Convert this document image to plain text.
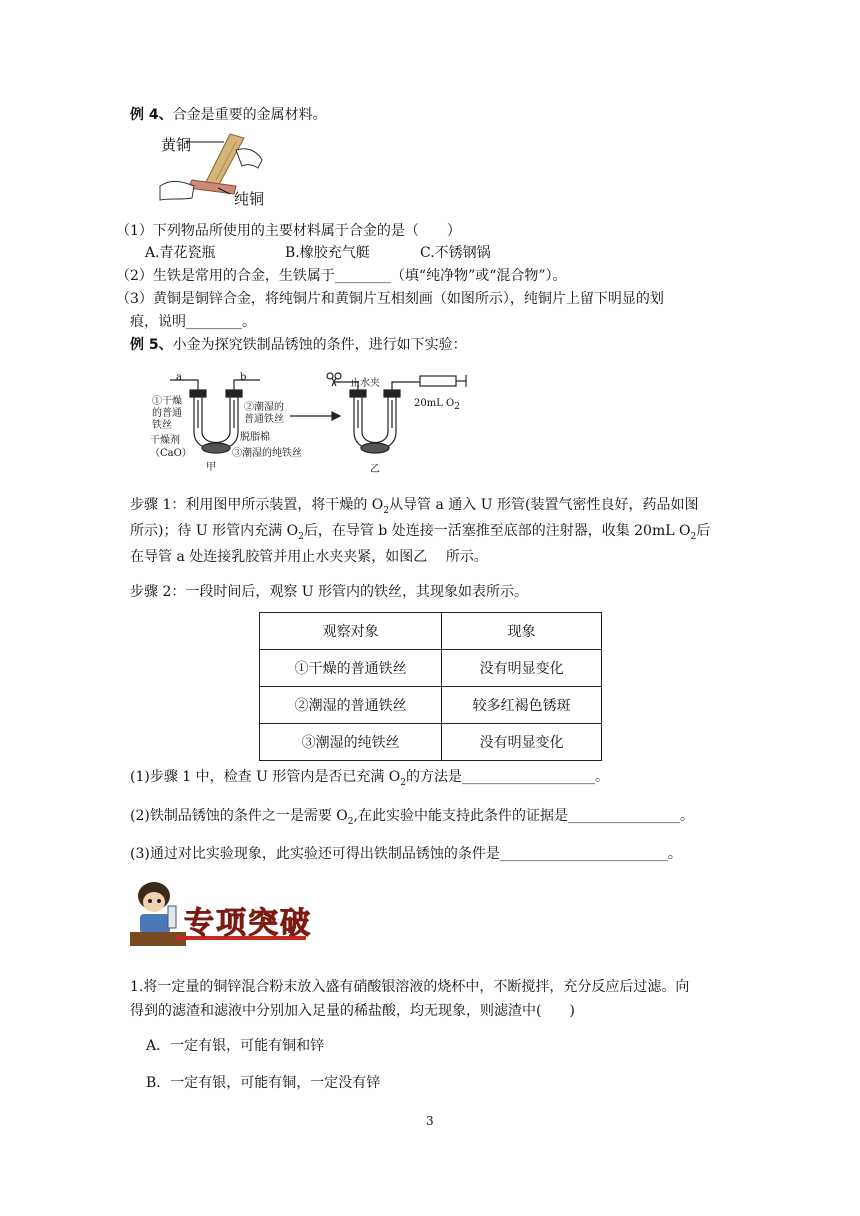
例 4、合金是重要的金属材料。
黄铜
纯铜
（1）下列物品所使用的主要材料属于合金的是（　　）
A.青花瓷瓶	B.橡胶充气艇	C.不锈钢锅
（2）生铁是常用的合金，生铁属于________（填“纯净物”或“混合物”）。
（3）黄铜是铜锌合金，将纯铜片和黄铜片互相刻画（如图所示），纯铜片上留下明显的划
痕，说明________。
例 5、小金为探究铁制品锈蚀的条件，进行如下实验：
a	b
①干燥
的普通
铁丝
②潮湿的
普通铁丝
脱脂棉
干燥剂
（CaO）	③潮湿的纯铁丝
甲
止水夹
20mL $O_2$
乙
步骤 1：利用图甲所示装置，将干燥的 $O_2$从导管 a 通入 U 形管(装置气密性良好，药品如图
所示)；待 U 形管内充满 $O_2$后，在导管 b 处连接一活塞推至底部的注射器，收集 20mL $O_2$后
在导管 a 处连接乳胶管并用止水夹夹紧，如图乙　 所示。
步骤 2：一段时间后，观察 U 形管内的铁丝，其现象如表所示。
观察对象	现象
①干燥的普通铁丝	没有明显变化
②潮湿的普通铁丝	较多红褐色锈斑
③潮湿的纯铁丝	没有明显变化
(1)步骤 1 中，检查 U 形管内是否已充满 $O_2$的方法是___________________。
(2)铁制品锈蚀的条件之一是需要 $O_2$,在此实验中能支持此条件的证据是________________。
(3)通过对比实验现象，此实验还可得出铁制品锈蚀的条件是________________________。
专项突破
1.将一定量的铜锌混合粉末放入盛有硝酸银溶液的烧杯中，不断搅拌，充分反应后过滤。向
得到的滤渣和滤液中分别加入足量的稀盐酸，均无现象，则滤渣中(　　)
A．一定有银，可能有铜和锌
B．一定有银，可能有铜，一定没有锌
3
